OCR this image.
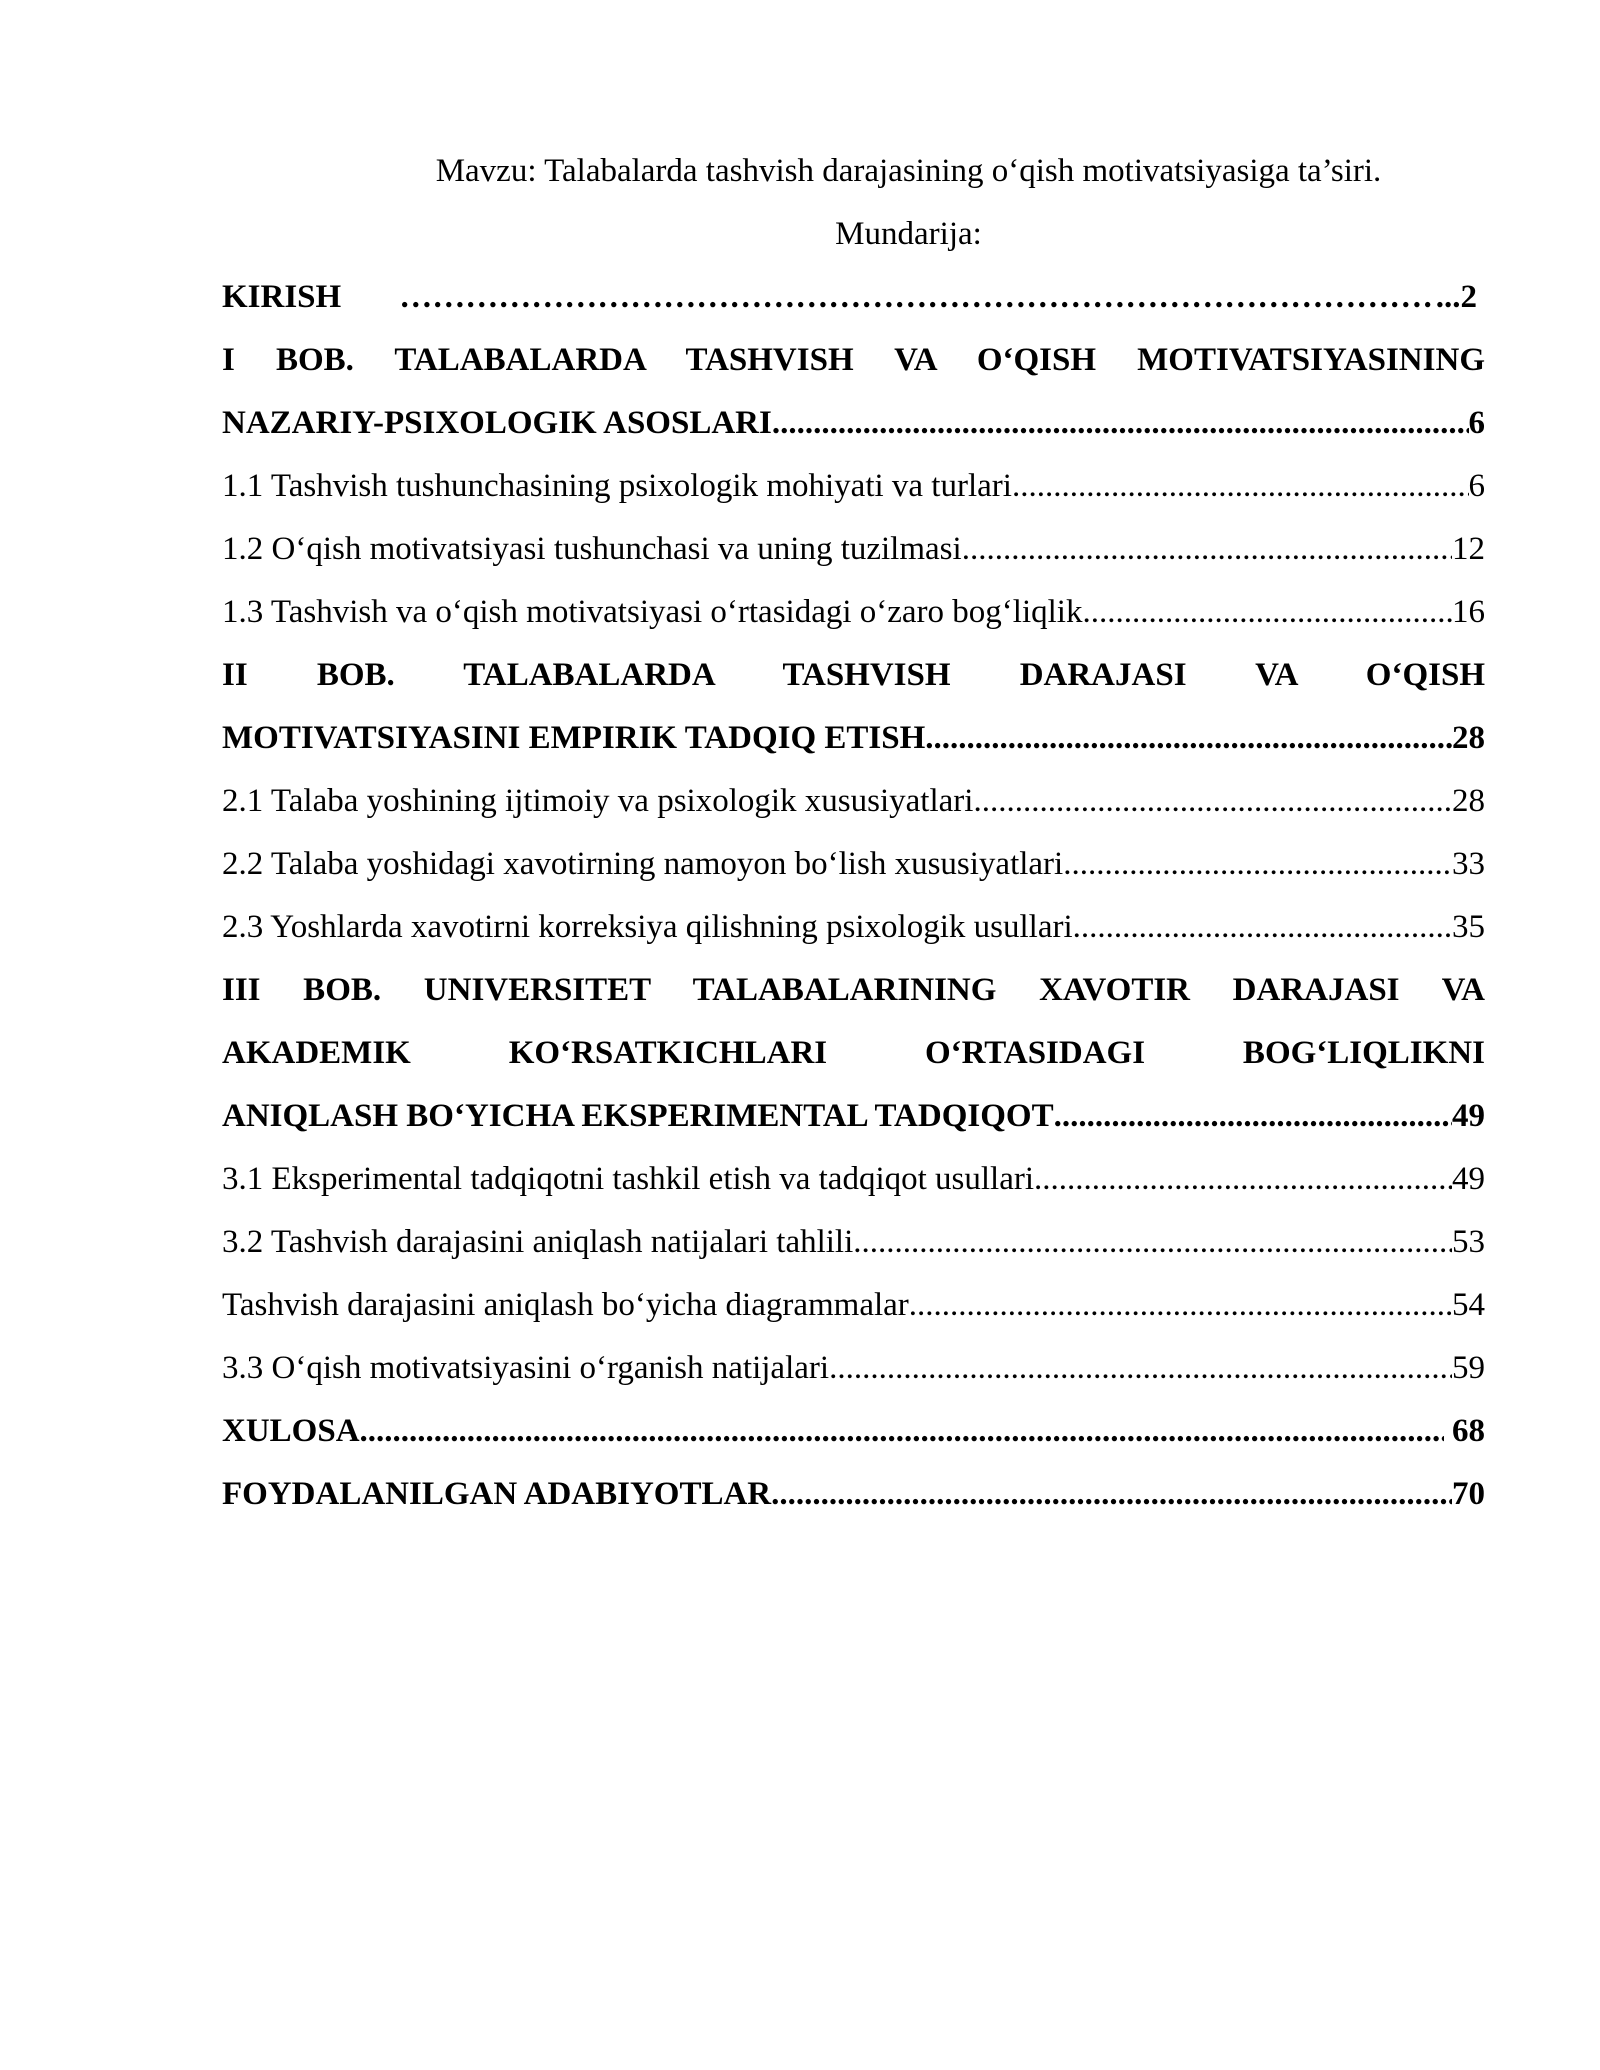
Mavzu: Talabalarda tashvish darajasining o‘qish motivatsiyasiga ta’siri.
Mundarija:
KIRISH ………………………………………………………………………………………………………………………………………………………………………………………………………………………… ..	.2
I BOB. TALABALARDA TASHVISH VA O‘QISH MOTIVATSIYASINING
NAZARIY-PSIXOLOGIK ASOSLARI .....	6
1.1 Tashvish tushunchasining psixologik mohiyati va turlari .....	6
1.2 O‘qish motivatsiyasi tushunchasi va uning tuzilmasi .....	12
1.3 Tashvish va o‘qish motivatsiyasi o‘rtasidagi o‘zaro bog‘liqlik .....	16
II BOB. TALABALARDA TASHVISH DARAJASI VA O‘QISH
MOTIVATSIYASINI EMPIRIK TADQIQ ETISH .....	28
2.1 Talaba yoshining ijtimoiy va psixologik xususiyatlari .....	28
2.2 Talaba yoshidagi xavotirning namoyon bo‘lish xususiyatlari .....	33
2.3 Yoshlarda xavotirni korreksiya qilishning psixologik usullari .....	35
III BOB. UNIVERSITET TALABALARINING XAVOTIR DARAJASI VA
AKADEMIK KO‘RSATKICHLARI O‘RTASIDAGI BOG‘LIQLIKNI
ANIQLASH BO‘YICHA EKSPERIMENTAL TADQIQOT .....	49
3.1 Eksperimental tadqiqotni tashkil etish va tadqiqot usullari .....	49
3.2 Tashvish darajasini aniqlash natijalari tahlili .....	53
Tashvish darajasini aniqlash bo‘yicha diagrammalar .....	54
3.3 O‘qish motivatsiyasini o‘rganish natijalari .....	59
XULOSA .....	68
FOYDALANILGAN ADABIYOTLAR .....	70
